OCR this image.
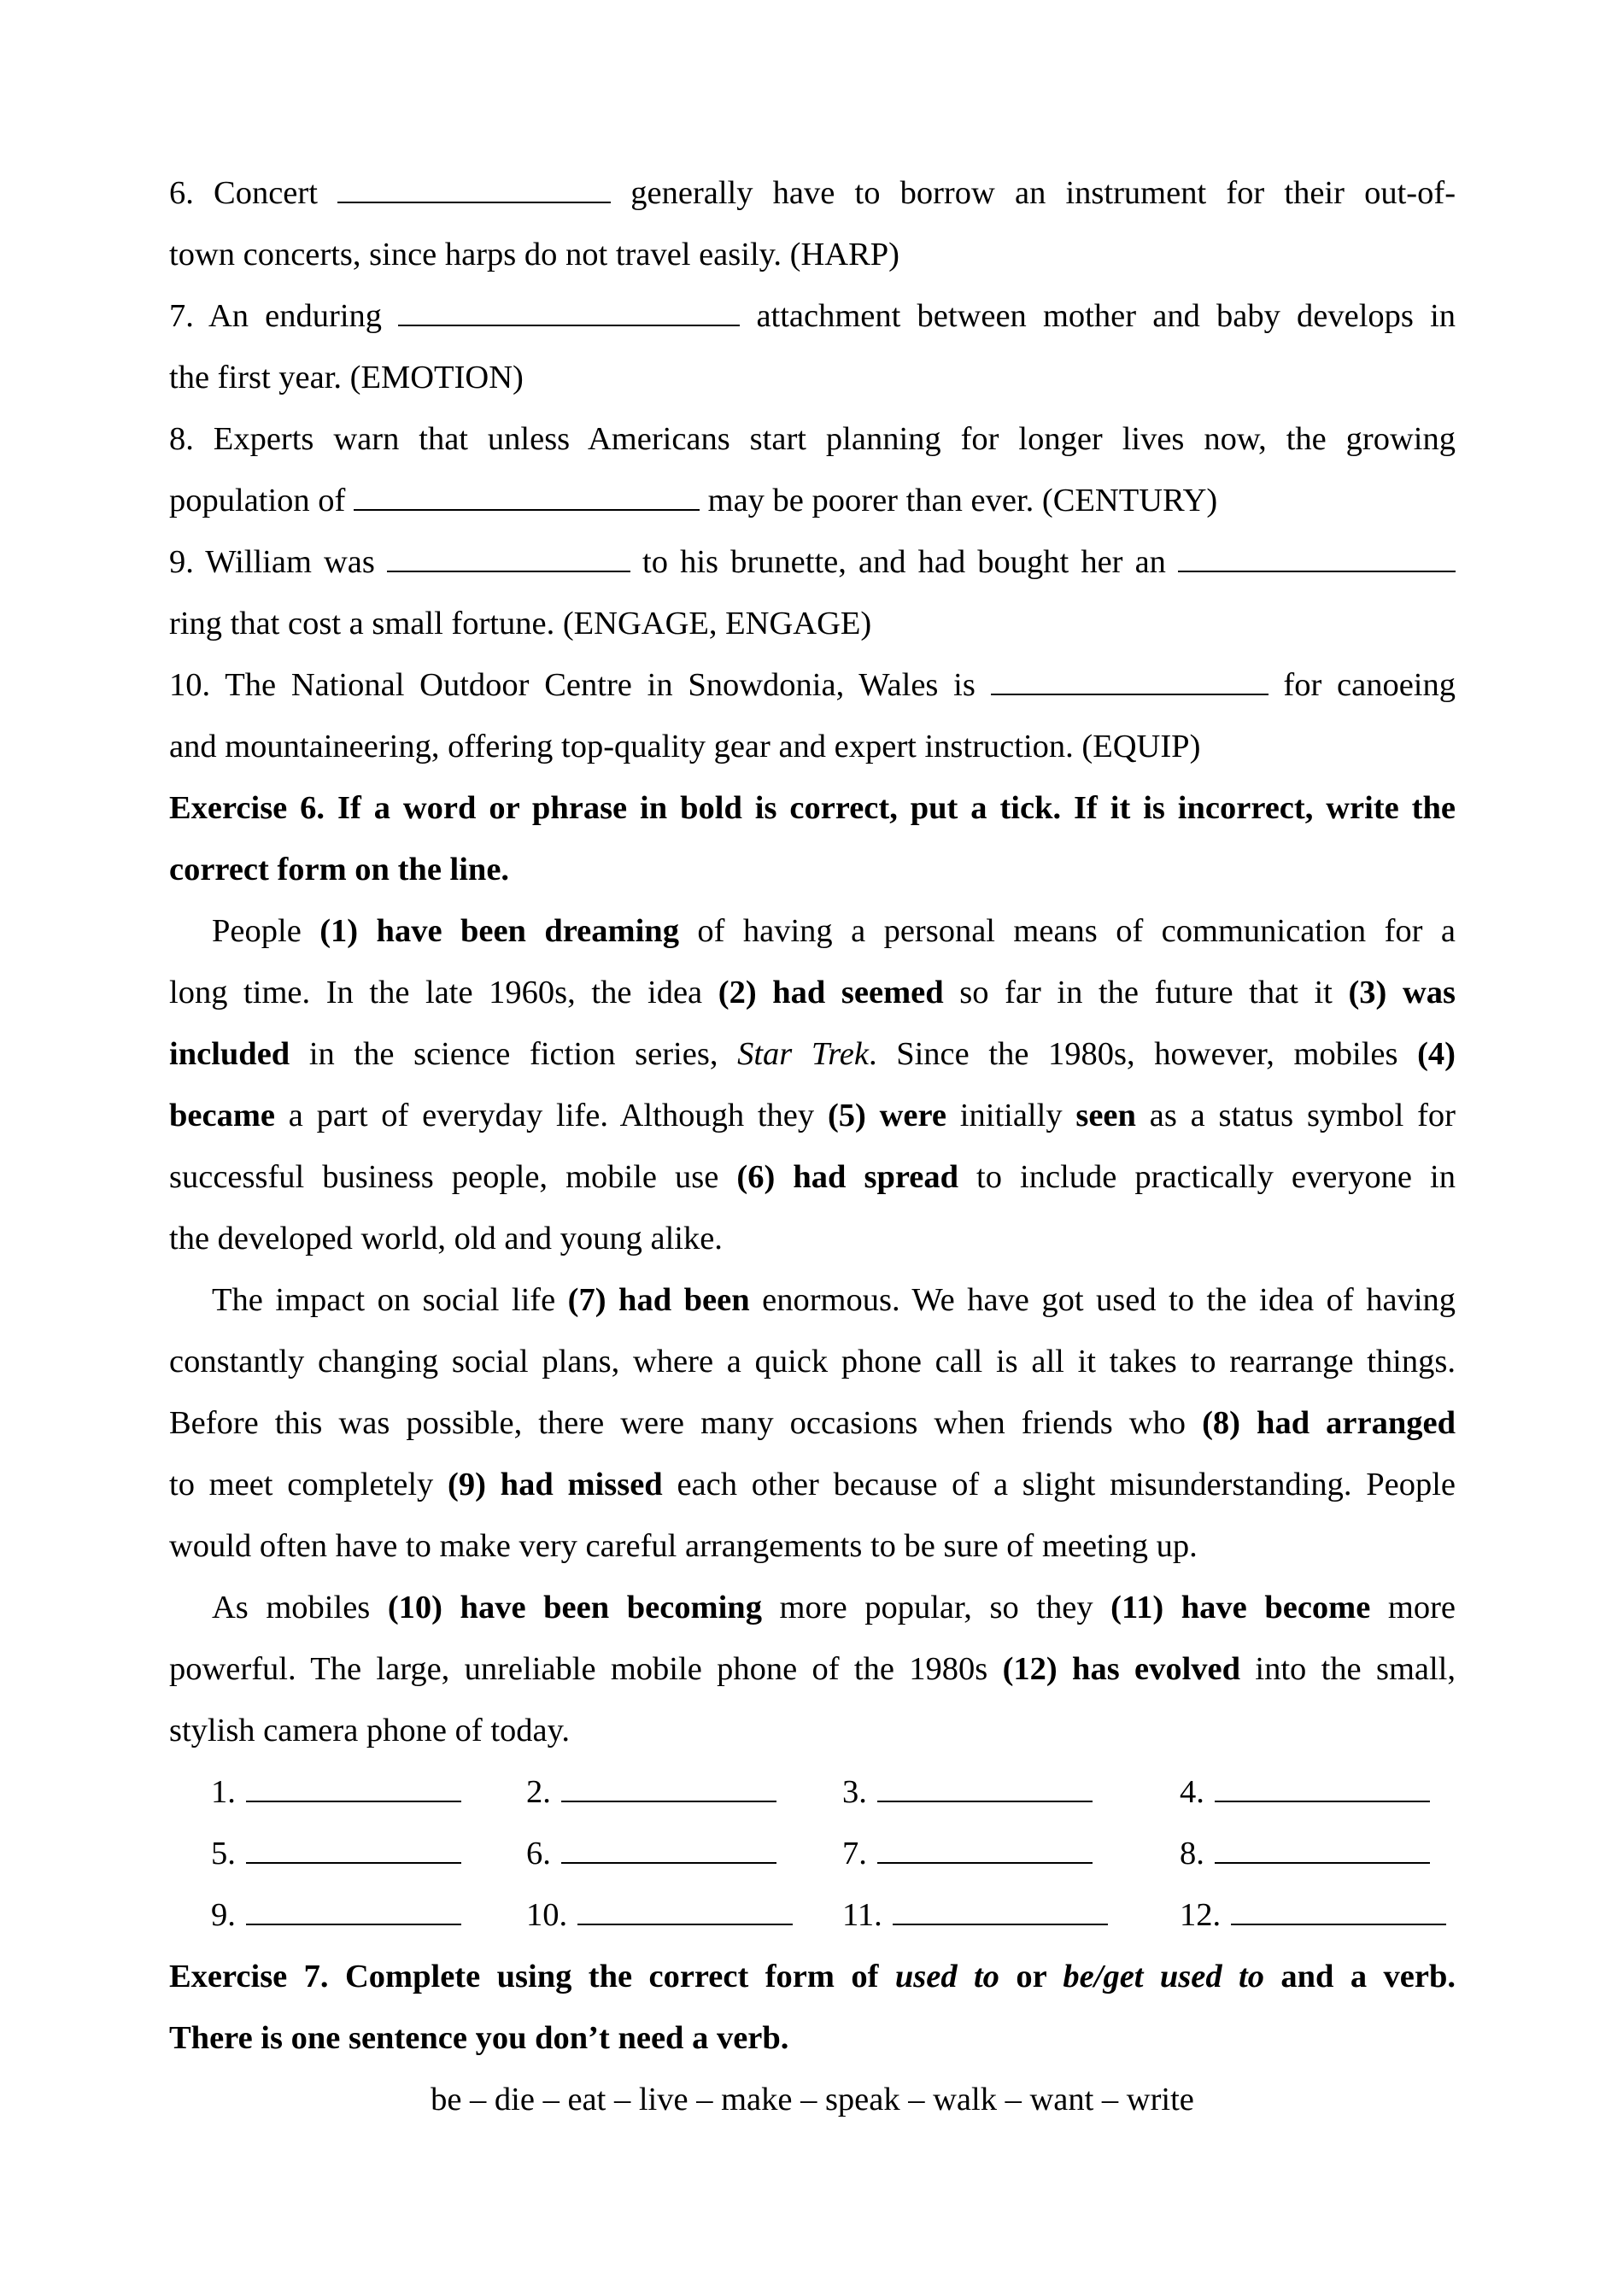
6. Concert	generally have to borrow an instrument for their out-of-
town concerts, since harps do not travel easily. (HARP)
7. An enduring	attachment between mother and baby develops in
the first year. (EMOTION)
8. Experts warn that unless Americans start planning for longer lives now, the growing
population of	may be poorer than ever. (CENTURY)
9. William was	to his brunette, and had bought her an
ring that cost a small fortune. (ENGAGE, ENGAGE)
10. The National Outdoor Centre in Snowdonia, Wales is	for canoeing
and mountaineering, offering top-quality gear and expert instruction. (EQUIP)
Exercise 6. If a word or phrase in bold is correct, put a tick. If it is incorrect, write the
correct form on the line.
People (1) have been dreaming of having a personal means of communication for a
long time. In the late 1960s, the idea (2) had seemed so far in the future that it (3) was
included in the science fiction series, Star Trek. Since the 1980s, however, mobiles (4)
became a part of everyday life. Although they (5) were initially seen as a status symbol for
successful business people, mobile use (6) had spread to include practically everyone in
the developed world, old and young alike.
The impact on social life (7) had been enormous. We have got used to the idea of having
constantly changing social plans, where a quick phone call is all it takes to rearrange things.
Before this was possible, there were many occasions when friends who (8) had arranged
to meet completely (9) had missed each other because of a slight misunderstanding. People
would often have to make very careful arrangements to be sure of meeting up.
As mobiles (10) have been becoming more popular, so they (11) have become more
powerful. The large, unreliable mobile phone of the 1980s (12) has evolved into the small,
stylish camera phone of today.
1.	2.	3.	4.
5.	6.	7.	8.
9.	10.	11.	12.
Exercise 7. Complete using the correct form of used to or be/get used to and a verb.
There is one sentence you don’t need a verb.
be – die – eat – live – make – speak – walk – want – write
